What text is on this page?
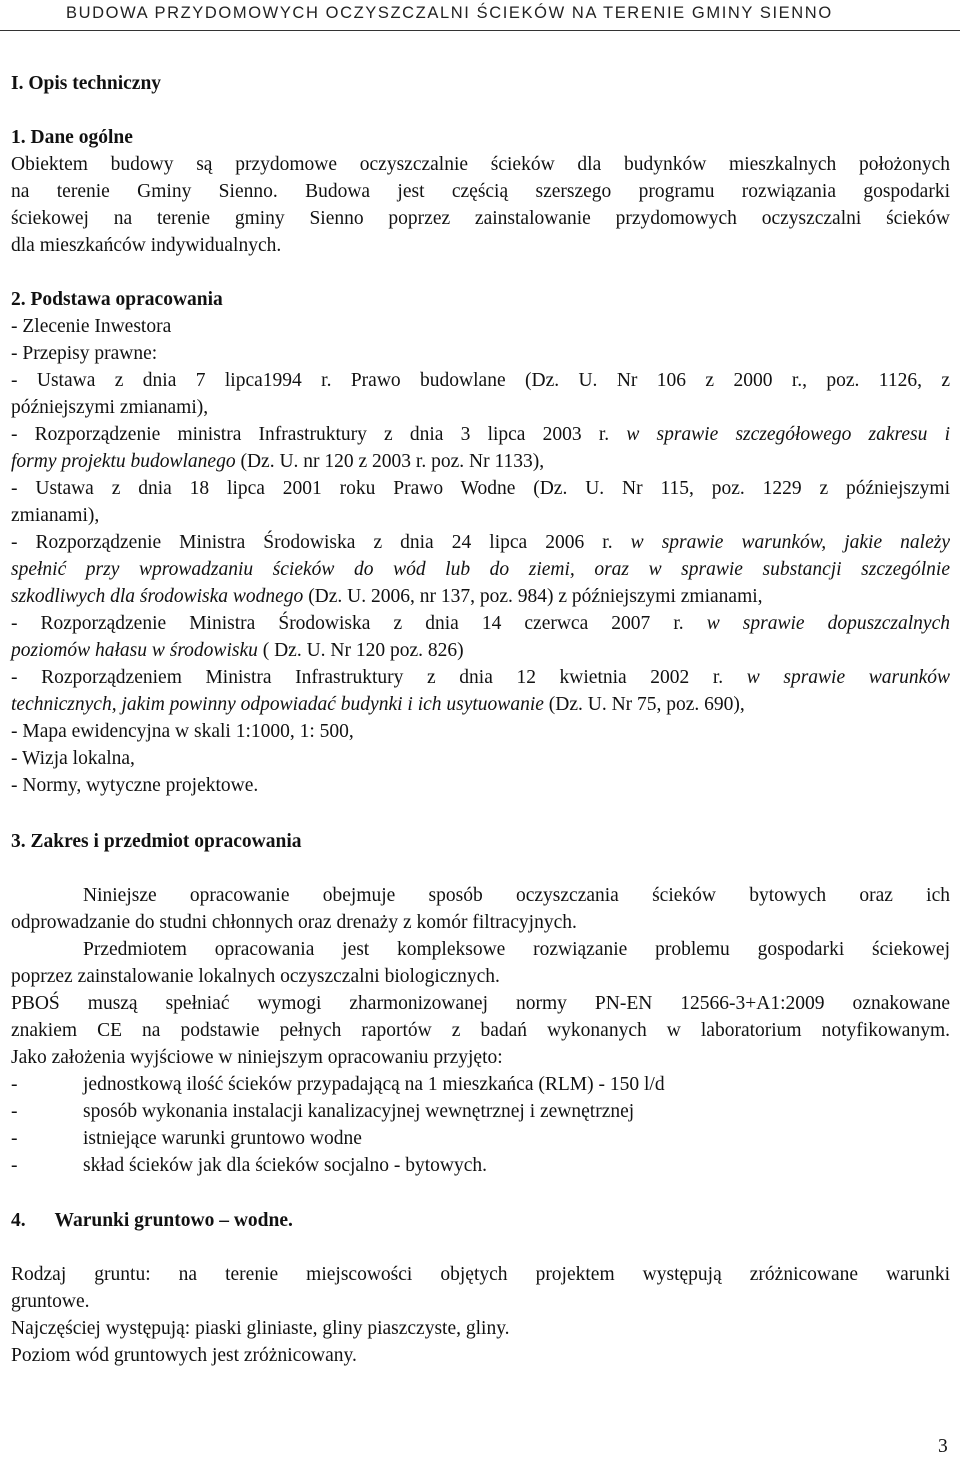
BUDOWA PRZYDOMOWYCH OCZYSZCZALNI ŚCIEKÓW NA TERENIE GMINY SIENNO
I. Opis techniczny
1. Dane ogólne
Obiektem budowy są przydomowe oczyszczalnie ścieków dla budynków mieszkalnych położonych
na terenie Gminy Sienno. Budowa jest częścią szerszego programu rozwiązania gospodarki
ściekowej na terenie gminy Sienno poprzez zainstalowanie przydomowych oczyszczalni ścieków
dla mieszkańców indywidualnych.
2. Podstawa opracowania
- Zlecenie Inwestora
- Przepisy prawne:
- Ustawa z dnia 7 lipca1994 r. Prawo budowlane (Dz. U. Nr 106 z 2000 r., poz. 1126, z
późniejszymi zmianami),
- Rozporządzenie ministra Infrastruktury z dnia 3 lipca 2003 r. w sprawie szczegółowego zakresu i
formy projektu budowlanego (Dz. U. nr 120 z 2003 r. poz. Nr 1133),
- Ustawa z dnia 18 lipca 2001 roku Prawo Wodne (Dz. U. Nr 115, poz. 1229 z późniejszymi
zmianami),
- Rozporządzenie Ministra Środowiska z dnia 24 lipca 2006 r. w sprawie warunków, jakie należy
spełnić przy wprowadzaniu ścieków do wód lub do ziemi, oraz w sprawie substancji szczególnie
szkodliwych dla środowiska wodnego (Dz. U. 2006, nr 137, poz. 984) z późniejszymi zmianami,
- Rozporządzenie Ministra Środowiska z dnia 14 czerwca 2007 r. w sprawie dopuszczalnych
poziomów hałasu w środowisku ( Dz. U. Nr 120 poz. 826)
- Rozporządzeniem Ministra Infrastruktury z dnia 12 kwietnia 2002 r. w sprawie warunków
technicznych, jakim powinny odpowiadać budynki i ich usytuowanie (Dz. U. Nr 75, poz. 690),
- Mapa ewidencyjna w skali 1:1000, 1: 500,
- Wizja lokalna,
- Normy, wytyczne projektowe.
3. Zakres i przedmiot opracowania
Niniejsze opracowanie obejmuje sposób oczyszczania ścieków bytowych oraz ich
odprowadzanie do studni chłonnych oraz drenaży z komór filtracyjnych.
Przedmiotem opracowania jest kompleksowe rozwiązanie problemu gospodarki ściekowej
poprzez zainstalowanie lokalnych oczyszczalni biologicznych.
PBOŚ muszą spełniać wymogi zharmonizowanej normy PN-EN 12566-3+A1:2009 oznakowane
znakiem CE na podstawie pełnych raportów z badań wykonanych w laboratorium notyfikowanym.
Jako założenia wyjściowe w niniejszym opracowaniu przyjęto:
-	jednostkową ilość ścieków przypadającą na 1 mieszkańca (RLM) - 150 l/d
-	sposób wykonania instalacji kanalizacyjnej wewnętrznej i zewnętrznej
-	istniejące warunki gruntowo wodne
-	skład ścieków jak dla ścieków socjalno - bytowych.
4.      Warunki gruntowo – wodne.
Rodzaj gruntu: na terenie miejscowości objętych projektem występują zróżnicowane warunki
gruntowe.
Najczęściej występują: piaski gliniaste, gliny piaszczyste, gliny.
Poziom wód gruntowych jest zróżnicowany.
3
